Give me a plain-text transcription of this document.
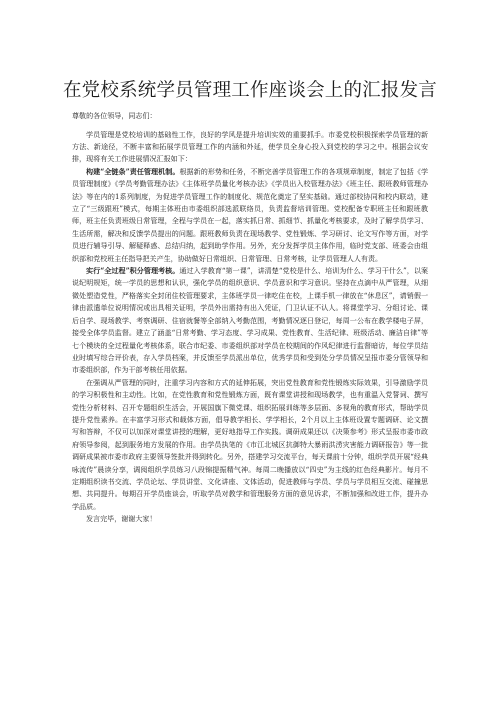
在党校系统学员管理工作座谈会上的汇报发言

尊敬的各位领导，同志们：

学员管理是党校培训的基础性工作，良好的学风是提升培训实效的重要抓手。市委党校积极探索学员管理的新方法、新途径，不断丰富和拓展学员管理工作的内涵和外延，使学员全身心投入到党校的学习之中。根据会议安排，现将有关工作进展情况汇报如下：

构建“全链条”责任管理机制。根据新的形势和任务，不断完善学员管理工作的各项规章制度，制定了包括《学员管理制度》《学员考勤管理办法》《主体班学员量化考核办法》《学员出入校管理办法》《班主任、跟班教师管理办法》等在内的1系列制度，为促进学员管理工作的制度化、规范化奠定了坚实基础。通过部校协同和校内联动，建立了“三级跟班”模式，每期主体班由市委组织部选派联络员，负责监督培训管理。党校配备专职班主任和跟班教师，班主任负责班级日常管理，全程与学员在一起，落实抓日常、抓细节、抓量化考核要求，及时了解学员学习、生活所需，解决和反馈学员提出的问题。跟班教师负责在现场教学、党性锻炼、学习研讨、论文写作等方面，对学员进行辅导引导、解疑释惑、总结归纳，起到助学作用。另外，充分发挥学员主体作用，临时党支部、班委会由组织部和党校班主任指导把关产生，协助做好日常组织、日常管理、日常考核，让学员管理人人有责。

实行“全过程”积分管理考核。通过入学教育“第一课”，讲清楚“党校是什么、培训为什么、学习干什么”，以案说纪明规矩，统一学员的思想和认识，强化学员的组织意识、学员意识和学习意识。坚持在点滴中从严管理，从细微处塑造党性，严格落实全封闭住校管理要求，主体班学员一律吃住在校，上课手机一律放在“休息区”，请销假一律由派遣单位说明情况或出具相关证明，学员外出需持有出入凭证，门卫认证不认人。将课堂学习、分组讨论、课后自学、现场教学、考察调研、住宿就餐等全部纳入考勤范围，考勤情况逐日登记，每周一公布在教学楼电子屏，接受全体学员监督。建立了涵盖“日常考勤、学习态度、学习成果、党性教育、生活纪律、班级活动、廉洁自律”等七个模块的全过程量化考核体系，联合市纪委、市委组织部对学员在校期间的作风纪律进行监督暗访，每位学员结业时填写综合评价表，存入学员档案，并反馈至学员派出单位，优秀学员和受到处分学员情况呈报市委分管领导和市委组织部，作为干部考核任用依据。

在强调从严管理的同时，注重学习内容和方式的延伸拓展，突出党性教育和党性锻炼实际效果，引导激励学员的学习积极性和主动性。比如，在党性教育和党性锻炼方面，既有课堂讲授和现场教学，也有重温入党誓词、撰写党性分析材料、召开专题组织生活会，开展国旗下微党课、组织拓展训练等多层面、多视角的教育形式，帮助学员提升党性素养。在丰富学习形式和载体方面，倡导教学相长、学学相长，2个月以上主体班设置专题调研、论文撰写和答辩，不仅可以加深对课堂讲授的理解，更好地指导工作实践。调研成果还以《决策参考》形式呈报市委市政府领导参阅，起到服务地方发展的作用。由学员执笔的《市江北城区抗御特大暴雨洪涝灾害能力调研报告》等一批调研成果被市委市政府主要领导签批并得到转化。另外，搭建学习交流平台，每天课前十分钟，组织学员开展“经典咏流传”晨读分享，调阅组织学员练习八段锦提振精气神。每周二晚播放以“四史”为主线的红色经典影片。每月不定期组织读书交流、学员论坛、学员讲堂、文化讲座、文体活动，促进教师与学员、学员与学员相互交流、碰撞思想、共同提升。每期召开学员座谈会，听取学员对教学和管理服务方面的意见诉求，不断加强和改进工作，提升办学品质。

发言完毕，谢谢大家！
